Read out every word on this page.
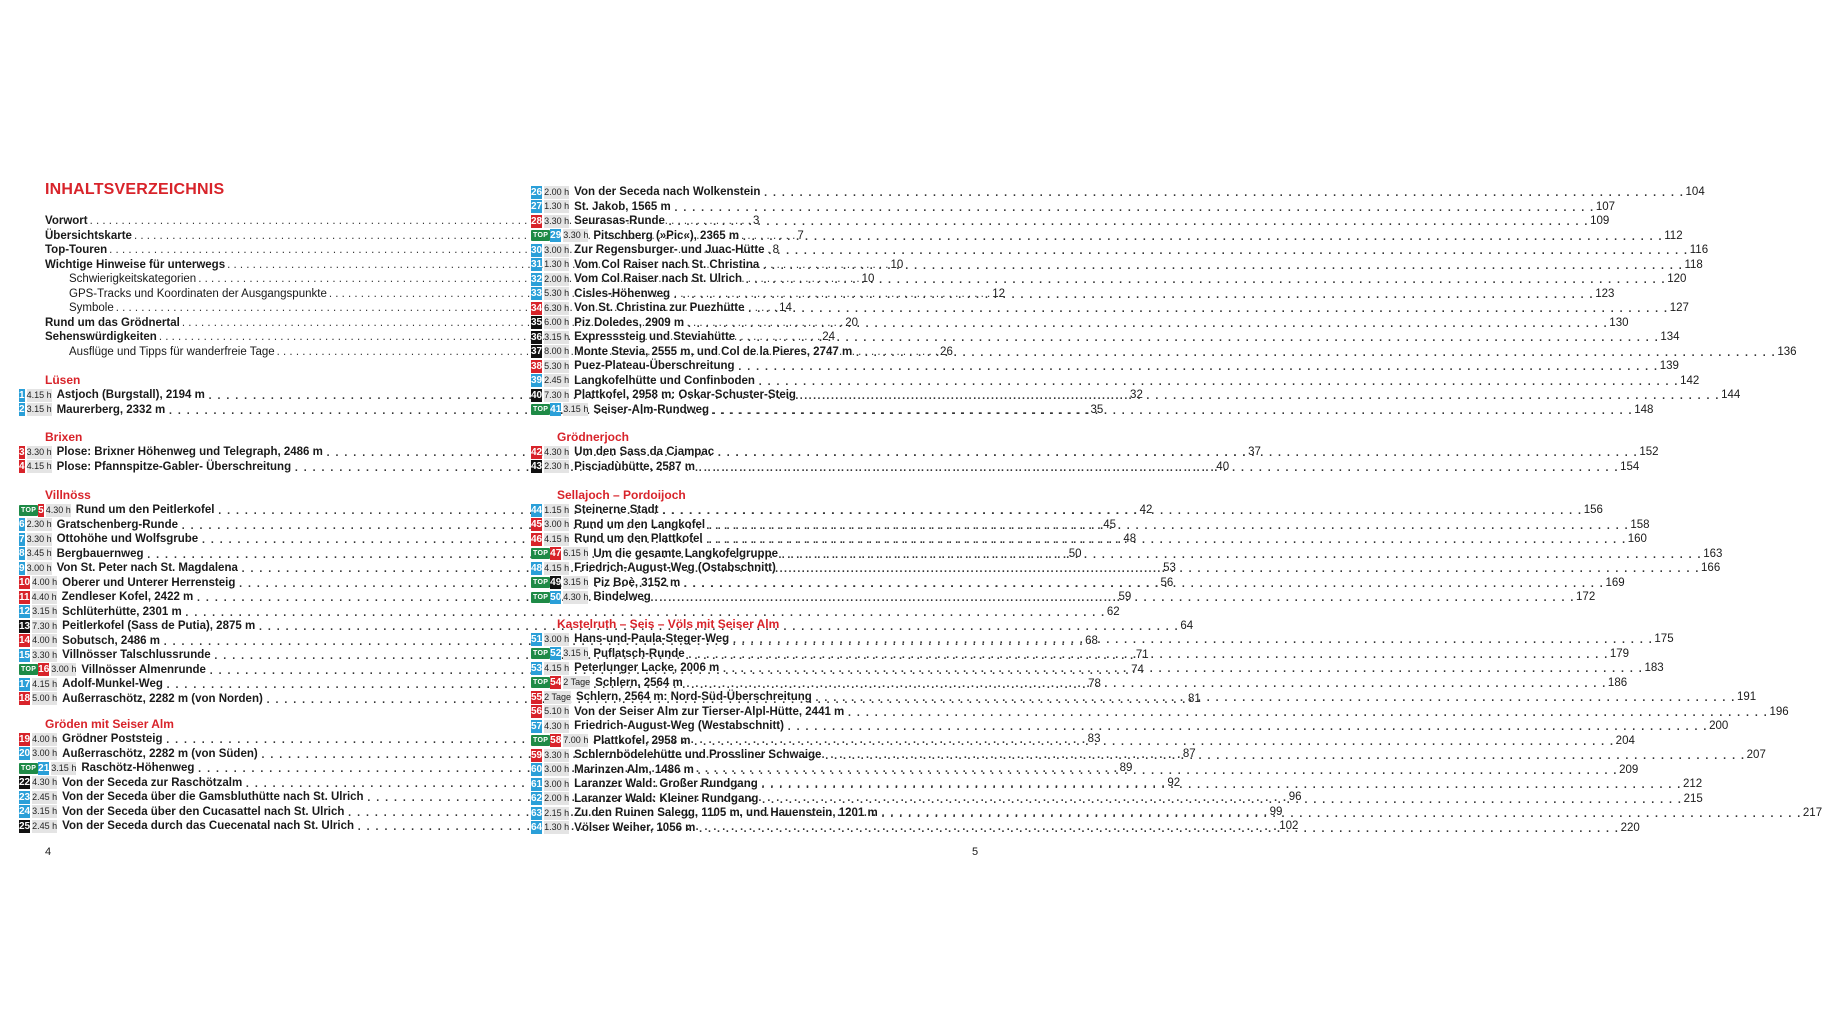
INHALTSVERZEICHNIS
Vorwort . . .	3
Übersichtskarte . . .	7
Top-Touren . . .	8
Wichtige Hinweise für unterwegs . . .	10
Schwierigkeitskategorien . . .	10
GPS-Tracks und Koordinaten der Ausgangspunkte . . .	12
Symbole . . .	14
Rund um das Grödnertal . . .	20
Sehenswürdigkeiten . . .	24
Ausflüge und Tipps für wanderfreie Tage . . .	26
4
Lüsen
1 4.15 h Astjoch (Burgstall), 2194 m . . .	32
2 3.15 h Maurerberg, 2332 m . . .	35
Brixen
3 3.30 h Plose: Brixner Höhenweg und Telegraph, 2486 m . . .	37
4 4.15 h Plose: Pfannspitze-Gabler- Überschreitung . . .	40
Villnöss
TOP 5 4.30 h Rund um den Peitlerkofel . . .	42
6 2.30 h Gratschenberg-Runde . . .	45
7 3.30 h Ottohöhe und Wolfsgrube . . .	48
8 3.45 h Bergbauernweg . . .	50
9 3.00 h Von St. Peter nach St. Magdalena . . .	53
10 4.00 h Oberer und Unterer Herrensteig . . .	56
11 4.40 h Zendleser Kofel, 2422 m . . .	59
12 3.15 h Schlüterhütte, 2301 m . . .	62
13 7.30 h Peitlerkofel (Sass de Putia), 2875 m . . .	64
14 4.00 h Sobutsch, 2486 m . . .	68
15 3.30 h Villnösser Talschlussrunde . . .	71
TOP 16 3.00 h Villnösser Almenrunde . . .	74
17 4.15 h Adolf-Munkel-Weg . . .	78
18 5.00 h Außerraschötz, 2282 m (von Norden) . . .	81
Gröden mit Seiser Alm
19 4.00 h Grödner Poststeig . . .	83
20 3.00 h Außerraschötz, 2282 m (von Süden) . . .	87
TOP 21 3.15 h Raschötz-Höhenweg . . .	89
22 4.30 h Von der Seceda zur Raschötzalm . . .	92
23 2.45 h Von der Seceda über die Gamsbluthütte nach St. Ulrich . . .	96
24 3.15 h Von der Seceda über den Cucasattel nach St. Ulrich . . .	99
25 2.45 h Von der Seceda durch das Cuecenatal nach St. Ulrich . . .	102
5
26 2.00 h Von der Seceda nach Wolkenstein . . .	104
27 1.30 h St. Jakob, 1565 m . . .	107
28 3.30 h Seurasas-Runde . . .	109
TOP 29 3.30 h Pitschberg (»Pic«), 2365 m . . .	112
30 3.00 h Zur Regensburger- und Juac-Hütte . . .	116
31 1.30 h Vom Col Raiser nach St. Christina . . .	118
32 2.00 h Vom Col Raiser nach St. Ulrich . . .	120
33 5.30 h Cisles-Höhenweg . . .	123
34 6.30 h Von St. Christina zur Puezhütte . . .	127
35 6.00 h Piz Doledes, 2909 m . . .	130
36 3.15 h Expresssteig und Steviahütte . . .	134
37 8.00 h Monte Stevia, 2555 m, und Col de la Pieres, 2747 m . . .	136
38 5.30 h Puez-Plateau-Überschreitung . . .	139
39 2.45 h Langkofelhütte und Confinboden . . .	142
40 7.30 h Plattkofel, 2958 m: Oskar-Schuster-Steig . . .	144
TOP 41 3.15 h Seiser-Alm-Rundweg . . .	148
Grödnerjoch
42 4.30 h Um den Sass da Ciampac . . .	152
43 2.30 h Pisciadùhütte, 2587 m . . .	154
Sellajoch – Pordoijoch
44 1.15 h Steinerne Stadt . . .	156
45 3.00 h Rund um den Langkofel . . .	158
46 4.15 h Rund um den Plattkofel . . .	160
TOP 47 6.15 h Um die gesamte Langkofelgruppe . . .	163
48 4.15 h Friedrich-August-Weg (Ostabschnitt) . . .	166
TOP 49 3.15 h Piz Boè, 3152 m . . .	169
TOP 50 4.30 h Bindelweg . . .	172
Kastelruth – Seis – Völs mit Seiser Alm
51 3.00 h Hans-und-Paula-Steger-Weg . . .	175
TOP 52 3.15 h Puflatsch-Runde . . .	179
53 4.15 h Peterlunger Lacke, 2006 m . . .	183
TOP 54 2 Tage Schlern, 2564 m . . .	186
55 2 Tage Schlern, 2564 m: Nord-Süd-Überschreitung . . .	191
56 5.10 h Von der Seiser Alm zur Tierser-Alpl-Hütte, 2441 m . . .	196
57 4.30 h Friedrich-August-Weg (Westabschnitt) . . .	200
TOP 58 7.00 h Plattkofel, 2958 m . . .	204
59 3.30 h Schlernbödelehütte und Prossliner Schwaige . . .	207
60 3.00 h Marinzen Alm, 1486 m . . .	209
61 3.00 h Laranzer Wald: Großer Rundgang . . .	212
62 2.00 h Laranzer Wald: Kleiner Rundgang . . .	215
63 2.15 h Zu den Ruinen Salegg, 1105 m, und Hauenstein, 1201 m . . .	217
64 1.30 h Völser Weiher, 1056 m . . .	220
